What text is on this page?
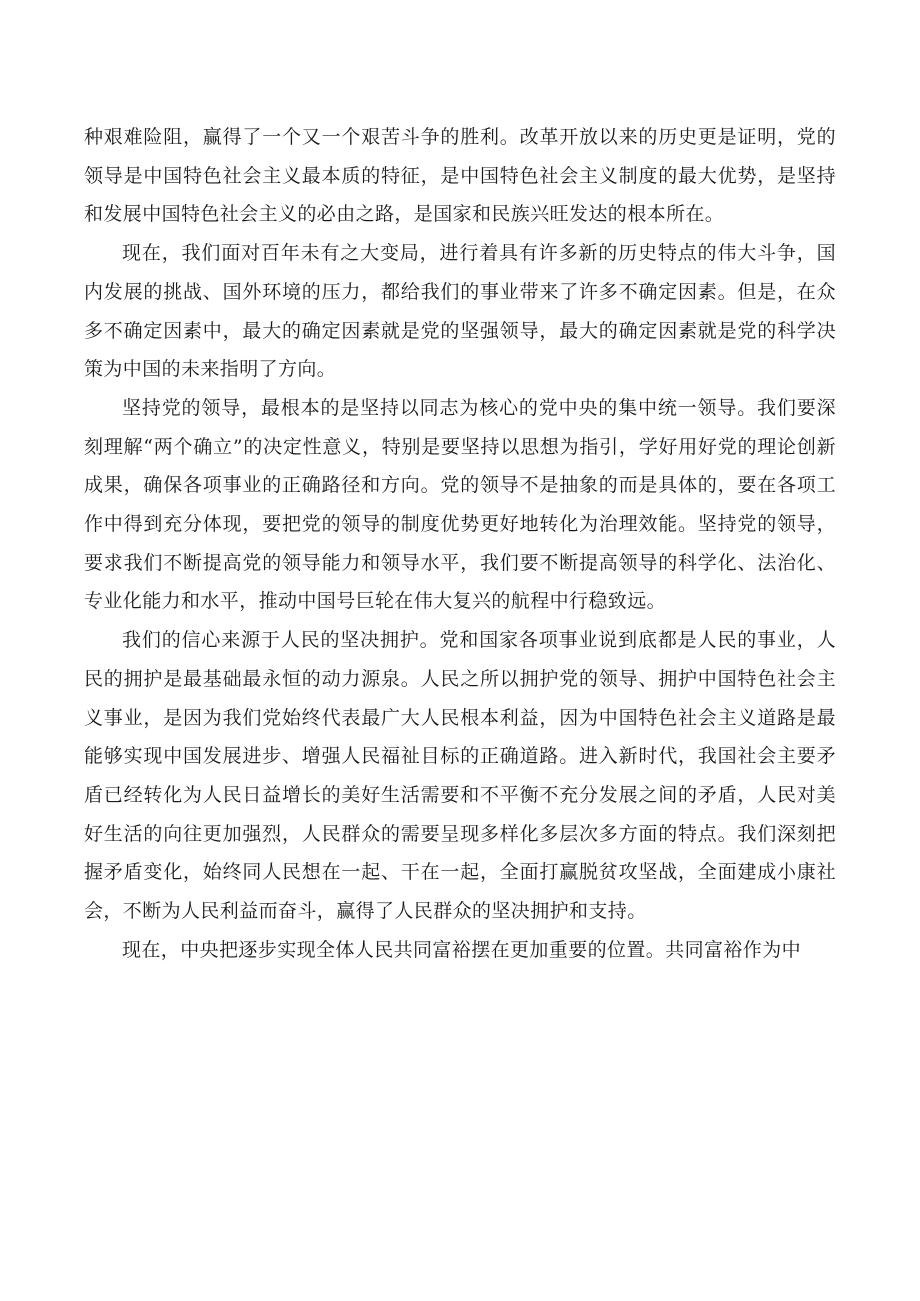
种艰难险阻，赢得了一个又一个艰苦斗争的胜利。改革开放以来的历史更是证明，党的领导是中国特色社会主义最本质的特征，是中国特色社会主义制度的最大优势，是坚持和发展中国特色社会主义的必由之路，是国家和民族兴旺发达的根本所在。

现在，我们面对百年未有之大变局，进行着具有许多新的历史特点的伟大斗争，国内发展的挑战、国外环境的压力，都给我们的事业带来了许多不确定因素。但是，在众多不确定因素中，最大的确定因素就是党的坚强领导，最大的确定因素就是党的科学决策为中国的未来指明了方向。

坚持党的领导，最根本的是坚持以同志为核心的党中央的集中统一领导。我们要深刻理解“两个确立”的决定性意义，特别是要坚持以思想为指引，学好用好党的理论创新成果，确保各项事业的正确路径和方向。党的领导不是抽象的而是具体的，要在各项工作中得到充分体现，要把党的领导的制度优势更好地转化为治理效能。坚持党的领导，要求我们不断提高党的领导能力和领导水平，我们要不断提高领导的科学化、法治化、专业化能力和水平，推动中国号巨轮在伟大复兴的航程中行稳致远。

我们的信心来源于人民的坚决拥护。党和国家各项事业说到底都是人民的事业，人民的拥护是最基础最永恒的动力源泉。人民之所以拥护党的领导、拥护中国特色社会主义事业，是因为我们党始终代表最广大人民根本利益，因为中国特色社会主义道路是最能够实现中国发展进步、增强人民福祉目标的正确道路。进入新时代，我国社会主要矛盾已经转化为人民日益增长的美好生活需要和不平衡不充分发展之间的矛盾，人民对美好生活的向往更加强烈，人民群众的需要呈现多样化多层次多方面的特点。我们深刻把握矛盾变化，始终同人民想在一起、干在一起，全面打赢脱贫攻坚战，全面建成小康社会，不断为人民利益而奋斗，赢得了人民群众的坚决拥护和支持。

现在，中央把逐步实现全体人民共同富裕摆在更加重要的位置。共同富裕作为中
